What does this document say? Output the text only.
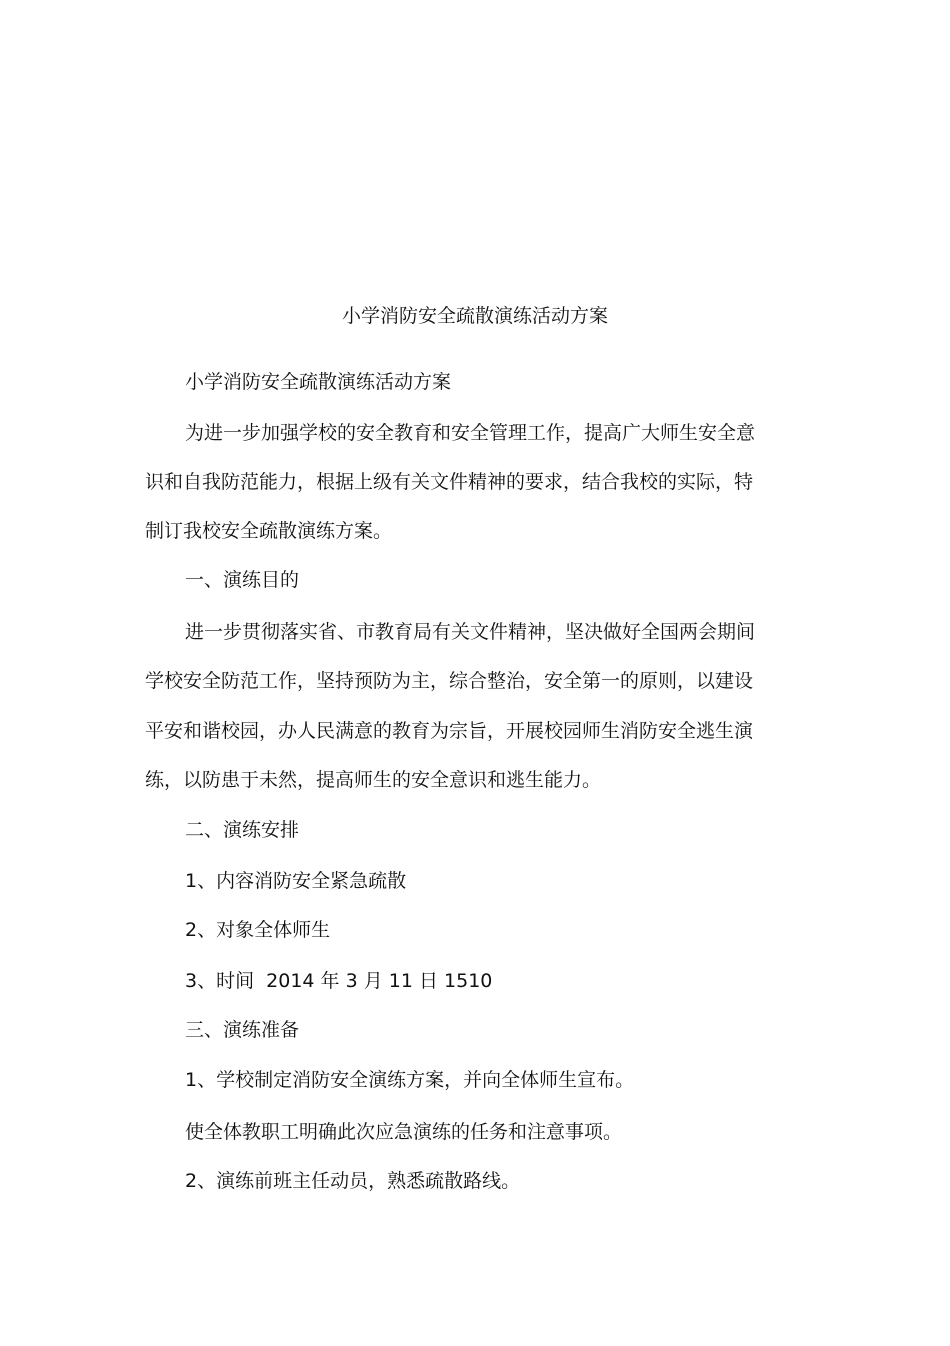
小学消防安全疏散演练活动方案
小学消防安全疏散演练活动方案
为进一步加强学校的安全教育和安全管理工作，提高广大师生安全意
识和自我防范能力，根据上级有关文件精神的要求，结合我校的实际，特
制订我校安全疏散演练方案。
一、演练目的
进一步贯彻落实省、市教育局有关文件精神，坚决做好全国两会期间
学校安全防范工作，坚持预防为主，综合整治，安全第一的原则，以建设
平安和谐校园，办人民满意的教育为宗旨，开展校园师生消防安全逃生演
练，以防患于未然，提高师生的安全意识和逃生能力。
二、演练安排
1、内容消防安全紧急疏散
2、对象全体师生
3、时间  2014 年 3 月 11 日 1510
三、演练准备
1、学校制定消防安全演练方案，并向全体师生宣布。
使全体教职工明确此次应急演练的任务和注意事项。
2、演练前班主任动员，熟悉疏散路线。
